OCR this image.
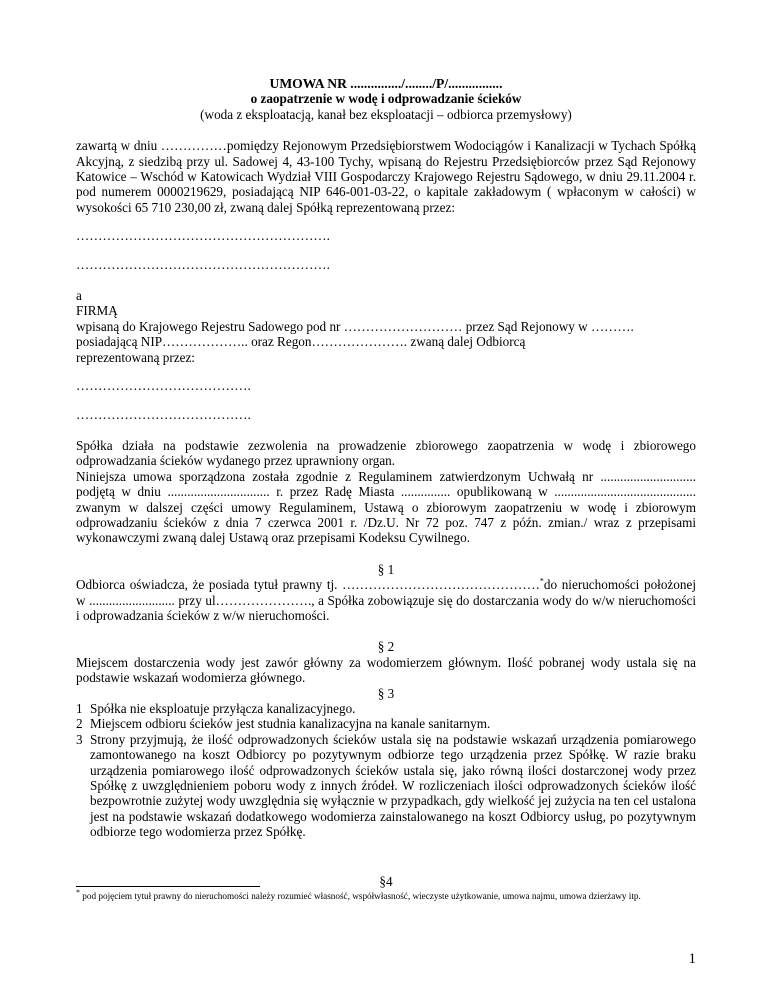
UMOWA NR .............../......../P/................
o zaopatrzenie w wodę i odprowadzanie ścieków
(woda z eksploatacją, kanał bez eksploatacji – odbiorca przemysłowy)

zawartą w dniu ……………pomiędzy Rejonowym Przedsiębiorstwem Wodociągów i Kanalizacji w Tychach Spółką Akcyjną, z siedzibą przy ul. Sadowej 4, 43-100 Tychy, wpisaną do Rejestru Przedsiębiorców przez Sąd Rejonowy Katowice – Wschód w Katowicach Wydział VIII Gospodarczy Krajowego Rejestru Sądowego, w dniu 29.11.2004 r. pod numerem 0000219629, posiadającą NIP 646-001-03-22, o kapitale zakładowym ( wpłaconym w całości) w wysokości 65 710 230,00 zł, zwaną dalej Spółką reprezentowaną przez:

………………………………………………….
………………………………………………….
a
FIRMĄ

wpisaną do Krajowego Rejestru Sadowego pod nr ……………………… przez Sąd Rejonowy w ……….

posiadającą NIP……………….. oraz Regon…………………. zwaną dalej Odbiorcą
reprezentowaną przez:
………………………………….
………………………………….

Spółka działa na podstawie zezwolenia na prowadzenie zbiorowego zaopatrzenia w wodę i zbiorowego odprowadzania ścieków wydanego przez uprawniony organ.

Niniejsza umowa sporządzona została zgodnie z Regulaminem zatwierdzonym Uchwałą nr ............................. podjętą w dniu ............................... r. przez Radę Miasta ............... opublikowaną w ........................................... zwanym w dalszej części umowy Regulaminem, Ustawą o zbiorowym zaopatrzeniu w wodę i zbiorowym odprowadzaniu ścieków z dnia 7 czerwca 2001 r. /Dz.U. Nr 72 poz. 747 z późn. zmian./ wraz z przepisami wykonawczymi zwaną dalej Ustawą oraz przepisami Kodeksu Cywilnego.

§ 1

Odbiorca oświadcza, że posiada tytuł prawny tj. ………………………………………*do nieruchomości położonej w .......................... przy ul…………………., a Spółka zobowiązuje się do dostarczania wody do w/w nieruchomości i odprowadzania ścieków z w/w nieruchomości.

§ 2

Miejscem dostarczenia wody jest zawór główny za wodomierzem głównym. Ilość pobranej wody ustala się na podstawie wskazań wodomierza głównego.

§ 3
1 Spółka nie eksploatuje przyłącza kanalizacyjnego.
2 Miejscem odbioru ścieków jest studnia kanalizacyjna na kanale sanitarnym.
3 Strony przyjmują, że ilość odprowadzonych ścieków ustala się na podstawie wskazań urządzenia pomiarowego zamontowanego na koszt Odbiorcy po pozytywnym odbiorze tego urządzenia przez Spółkę. W razie braku urządzenia pomiarowego ilość odprowadzonych ścieków ustala się, jako równą ilości dostarczonej wody przez Spółkę z uwzględnieniem poboru wody z innych źródeł. W rozliczeniach ilości odprowadzonych ścieków ilość bezpowrotnie zużytej wody uwzględnia się wyłącznie w przypadkach, gdy wielkość jej zużycia na ten cel ustalona jest na podstawie wskazań dodatkowego wodomierza zainstalowanego na koszt Odbiorcy usług, po pozytywnym odbiorze tego wodomierza przez Spółkę.
§4
* pod pojęciem tytuł prawny do nieruchomości należy rozumieć własność, współwłasność, wieczyste użytkowanie, umowa najmu, umowa dzierżawy itp.
1
